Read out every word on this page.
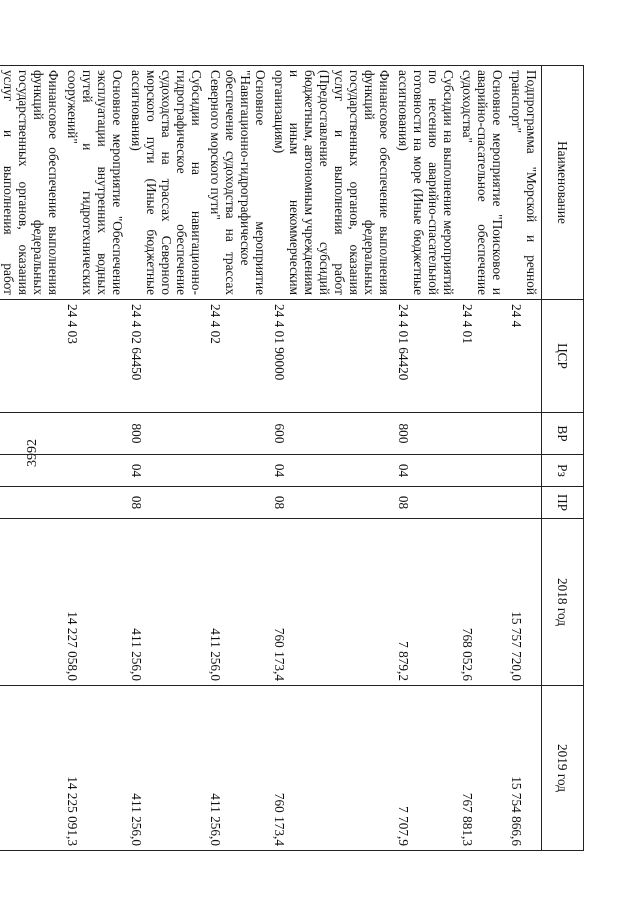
3992
Наименование	ЦСР	ВР	Рз	ПР	2018 год	2019 год
Подпрограмма "Морской и речной транспорт"	24 4				15 757 720,0	15 754 866,6
Основное мероприятие "Поисковое и аварийно-спасательное обеспечение судоходства"	24 4 01				768 052,6	767 881,3
Субсидии на выполнение мероприятий по несению аварийно-спасательной готовности на море (Иные бюджетные ассигнования)	24 4 01 64420	800	04	08	7 879,2	7 707,9
Финансовое обеспечение выполнения функций федеральных государственных органов, оказания услуг и выполнения работ (Предоставление субсидий бюджетным, автономным учреждениям и иным некоммерческим организациям)	24 4 01 90000	600	04	08	760 173,4	760 173,4
Основное мероприятие "Навигационно-гидрографическое обеспечение судоходства на трассах Северного морского пути"	24 4 02				411 256,0	411 256,0
Субсидии на навигационно-гидрографическое обеспечение судоходства на трассах Северного морского пути (Иные бюджетные ассигнования)	24 4 02 64450	800	04	08	411 256,0	411 256,0
Основное мероприятие "Обеспечение эксплуатации внутренних водных путей и гидротехнических сооружений"	24 4 03				14 227 058,0	14 225 091,3
Финансовое обеспечение выполнения функций федеральных государственных органов, оказания услуг и выполнения работ						
